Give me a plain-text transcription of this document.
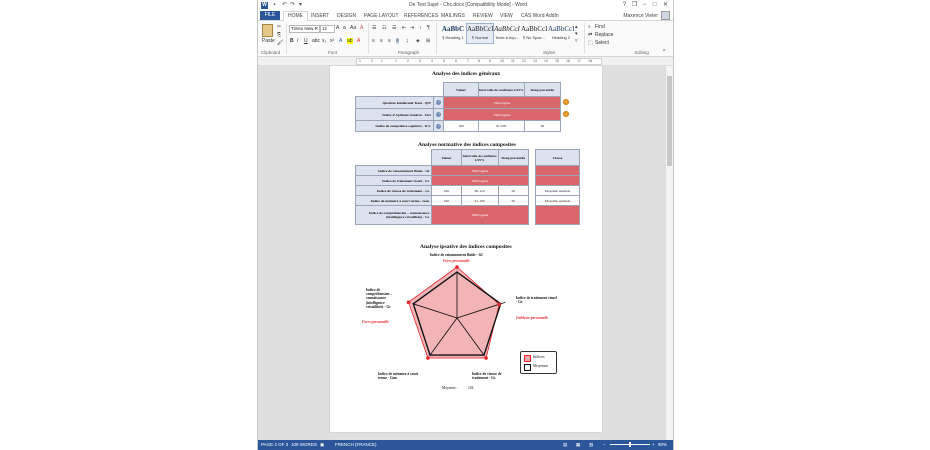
W	▪	↶ ↷ ▾	De Test Sujet - Chc.docx [Compatibility Mode] - Word	? ❐ −	□	✕
FILE	HOME	INSERT DESIGN PAGE LAYOUT REFERENCES MAILINGS REVIEW VIEW CAS Word AddIn	Maxence Vieter
Paste
✂
⎘
🖌
Clipboard
Times New R 12	A a Aa A
B I U abc x₂ x² A ab A
Font
☰ ☷ ☰ ⇤ ⇥ ↕ ¶
≡ ≡ ≡ ≡ ↨ ◈ ⊞
Paragraph
AaBbC
¶ Heading 1
AaBbCcI
¶ Normal
AaBbCcI
Texte à équ...
AaBbCcI
¶ No Spac...
AaBbCcI
Heading 2
▴
▾
▿
Styles
⌕ Find
⇄ Replace
⬚ Select
Editing	^
1	2 1	1	2	3	4	5	6	7	8	9	10 11 12 13 14 15 16 17 18
Analyse des indices généraux
		Valeur	Intervalle de confiance à 95%	Rang percentile
Quotient Intellectuel Total - QIT	?	Hétérogène		
Indice d'Aptitude Général - IAG	?	Hétérogène		
Indice de compétence cognitive - ICC	?	100	91-109	50
Analyse normative des indices composites
	Valeur	Intervalle de confiance à 95%	Rang percentile
Indice de raisonnement fluide - Gf	Hétérogène		
Indice de traitement visuel - Gv	Hétérogène		
Indice de vitesse de traitement - Gs	100	90-110	50
Indice de mémoire à court terme - Gsm	100	91-109	50
Indice de compréhension – connaissance (intelligence cristallisée) - Gc	Hétérogène		
Classe

Moyenne normale
Moyenne normale

Analyse ipsative des indices composites
Indice de raisonnement fluide - Gf
Force personnelle
Indice de traitement visuel - Gv
Faiblesse personnelle
Indice de vitesse de traitement - Gs
Indice de mémoire à court terme - Gsm
Indice de compréhension – connaissance (intelligence cristallisée) - Gc
Force personnelle
Indices
Moyenne
Moyenne :	104
PAGE 2 OF 3 109 WORDS ▣ FRENCH (FRANCE)	▤ ▦ ▥ −	+ 90%
